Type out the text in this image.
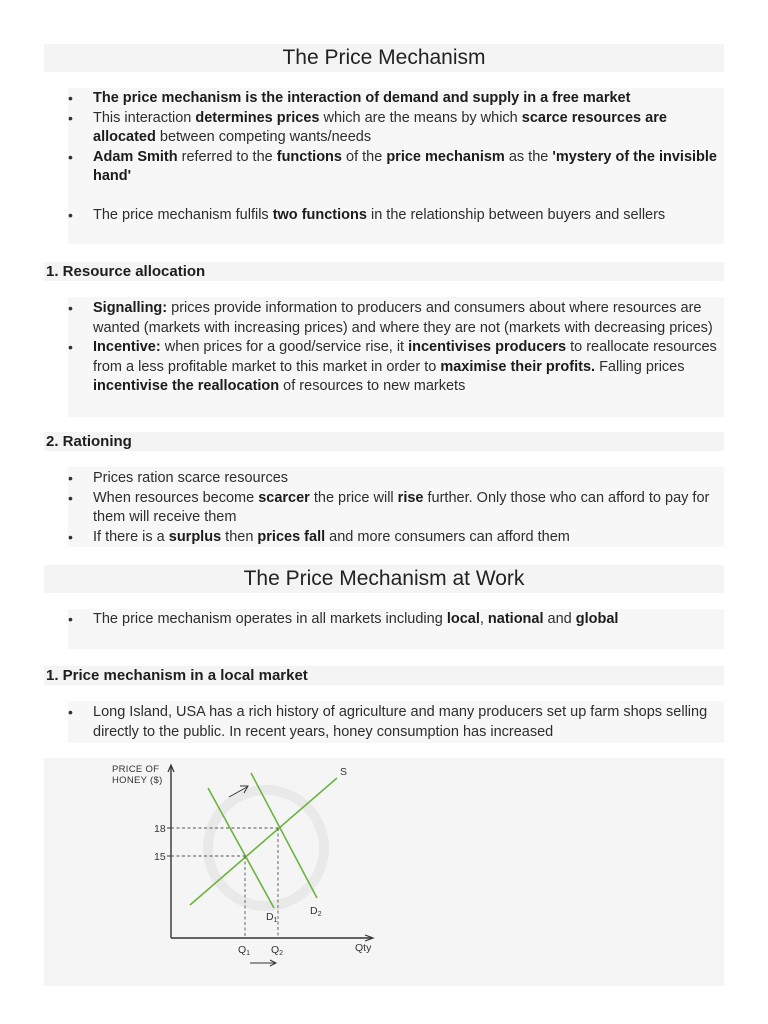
The Price Mechanism
• The price mechanism is the interaction of demand and supply in a free market
• This interaction determines prices which are the means by which scarce resources are allocated between competing wants/needs
• Adam Smith referred to the functions of the price mechanism as the 'mystery of the invisible hand'
• The price mechanism fulfils two functions in the relationship between buyers and sellers
1. Resource allocation
• Signalling: prices provide information to producers and consumers about where resources are wanted (markets with increasing prices) and where they are not (markets with decreasing prices)
• Incentive: when prices for a good/service rise, it incentivises producers to reallocate resources from a less profitable market to this market in order to maximise their profits. Falling prices incentivise the reallocation of resources to new markets
2. Rationing
• Prices ration scarce resources
• When resources become scarcer the price will rise further. Only those who can afford to pay for them will receive them
• If there is a surplus then prices fall and more consumers can afford them
The Price Mechanism at Work
• The price mechanism operates in all markets including local, national and global
1. Price mechanism in a local market
• Long Island, USA has a rich history of agriculture and many producers set up farm shops selling directly to the public. In recent years, honey consumption has increased
PRICE OF
HONEY ($)
Qty
18
15
Q1 Q2
S
D1
D2
